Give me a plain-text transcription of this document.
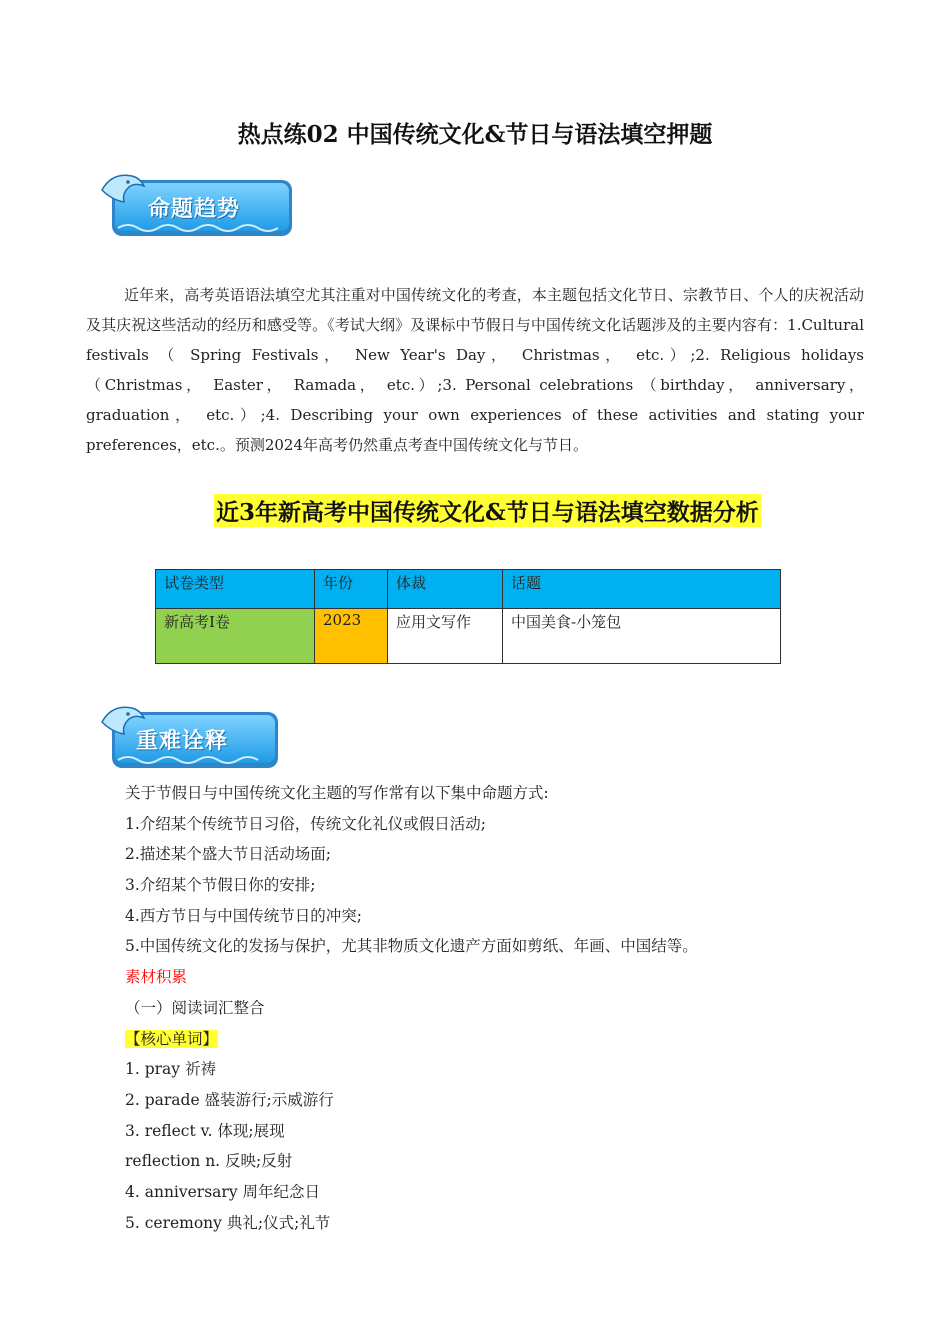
热点练02 中国传统文化&节日与语法填空押题
命题趋势

近年来，高考英语语法填空尤其注重对中国传统文化的考查，本主题包括文化节日、宗教节日、个人的庆祝活动及其庆祝这些活动的经历和感受等。《考试大纲》及课标中节假日与中国传统文化话题涉及的主要内容有：1.Cultural festivals （ Spring Festivals， New Year's Day， Christmas， etc.）;2. Religious holidays （Christmas， Easter， Ramada， etc.）;3. Personal celebrations （birthday， anniversary， graduation， etc.）;4. Describing your own experiences of these activities and stating your preferences，etc.。预测2024年高考仍然重点考查中国传统文化与节日。

近3年新高考中国传统文化&节日与语法填空数据分析
试卷类型	年份	体裁	话题
新高考I卷	2023	应用文写作	中国美食-小笼包
重难诠释
关于节假日与中国传统文化主题的写作常有以下集中命题方式:
1.介绍某个传统节日习俗，传统文化礼仪或假日活动;
2.描述某个盛大节日活动场面;
3.介绍某个节假日你的安排;
4.西方节日与中国传统节日的冲突;
5.中国传统文化的发扬与保护，尤其非物质文化遗产方面如剪纸、年画、中国结等。
素材积累
（一）阅读词汇整合
【核心单词】
1. pray 祈祷
2. parade 盛装游行;示威游行
3. reflect v. 体现;展现
reflection n. 反映;反射
4. anniversary 周年纪念日
5. ceremony 典礼;仪式;礼节
